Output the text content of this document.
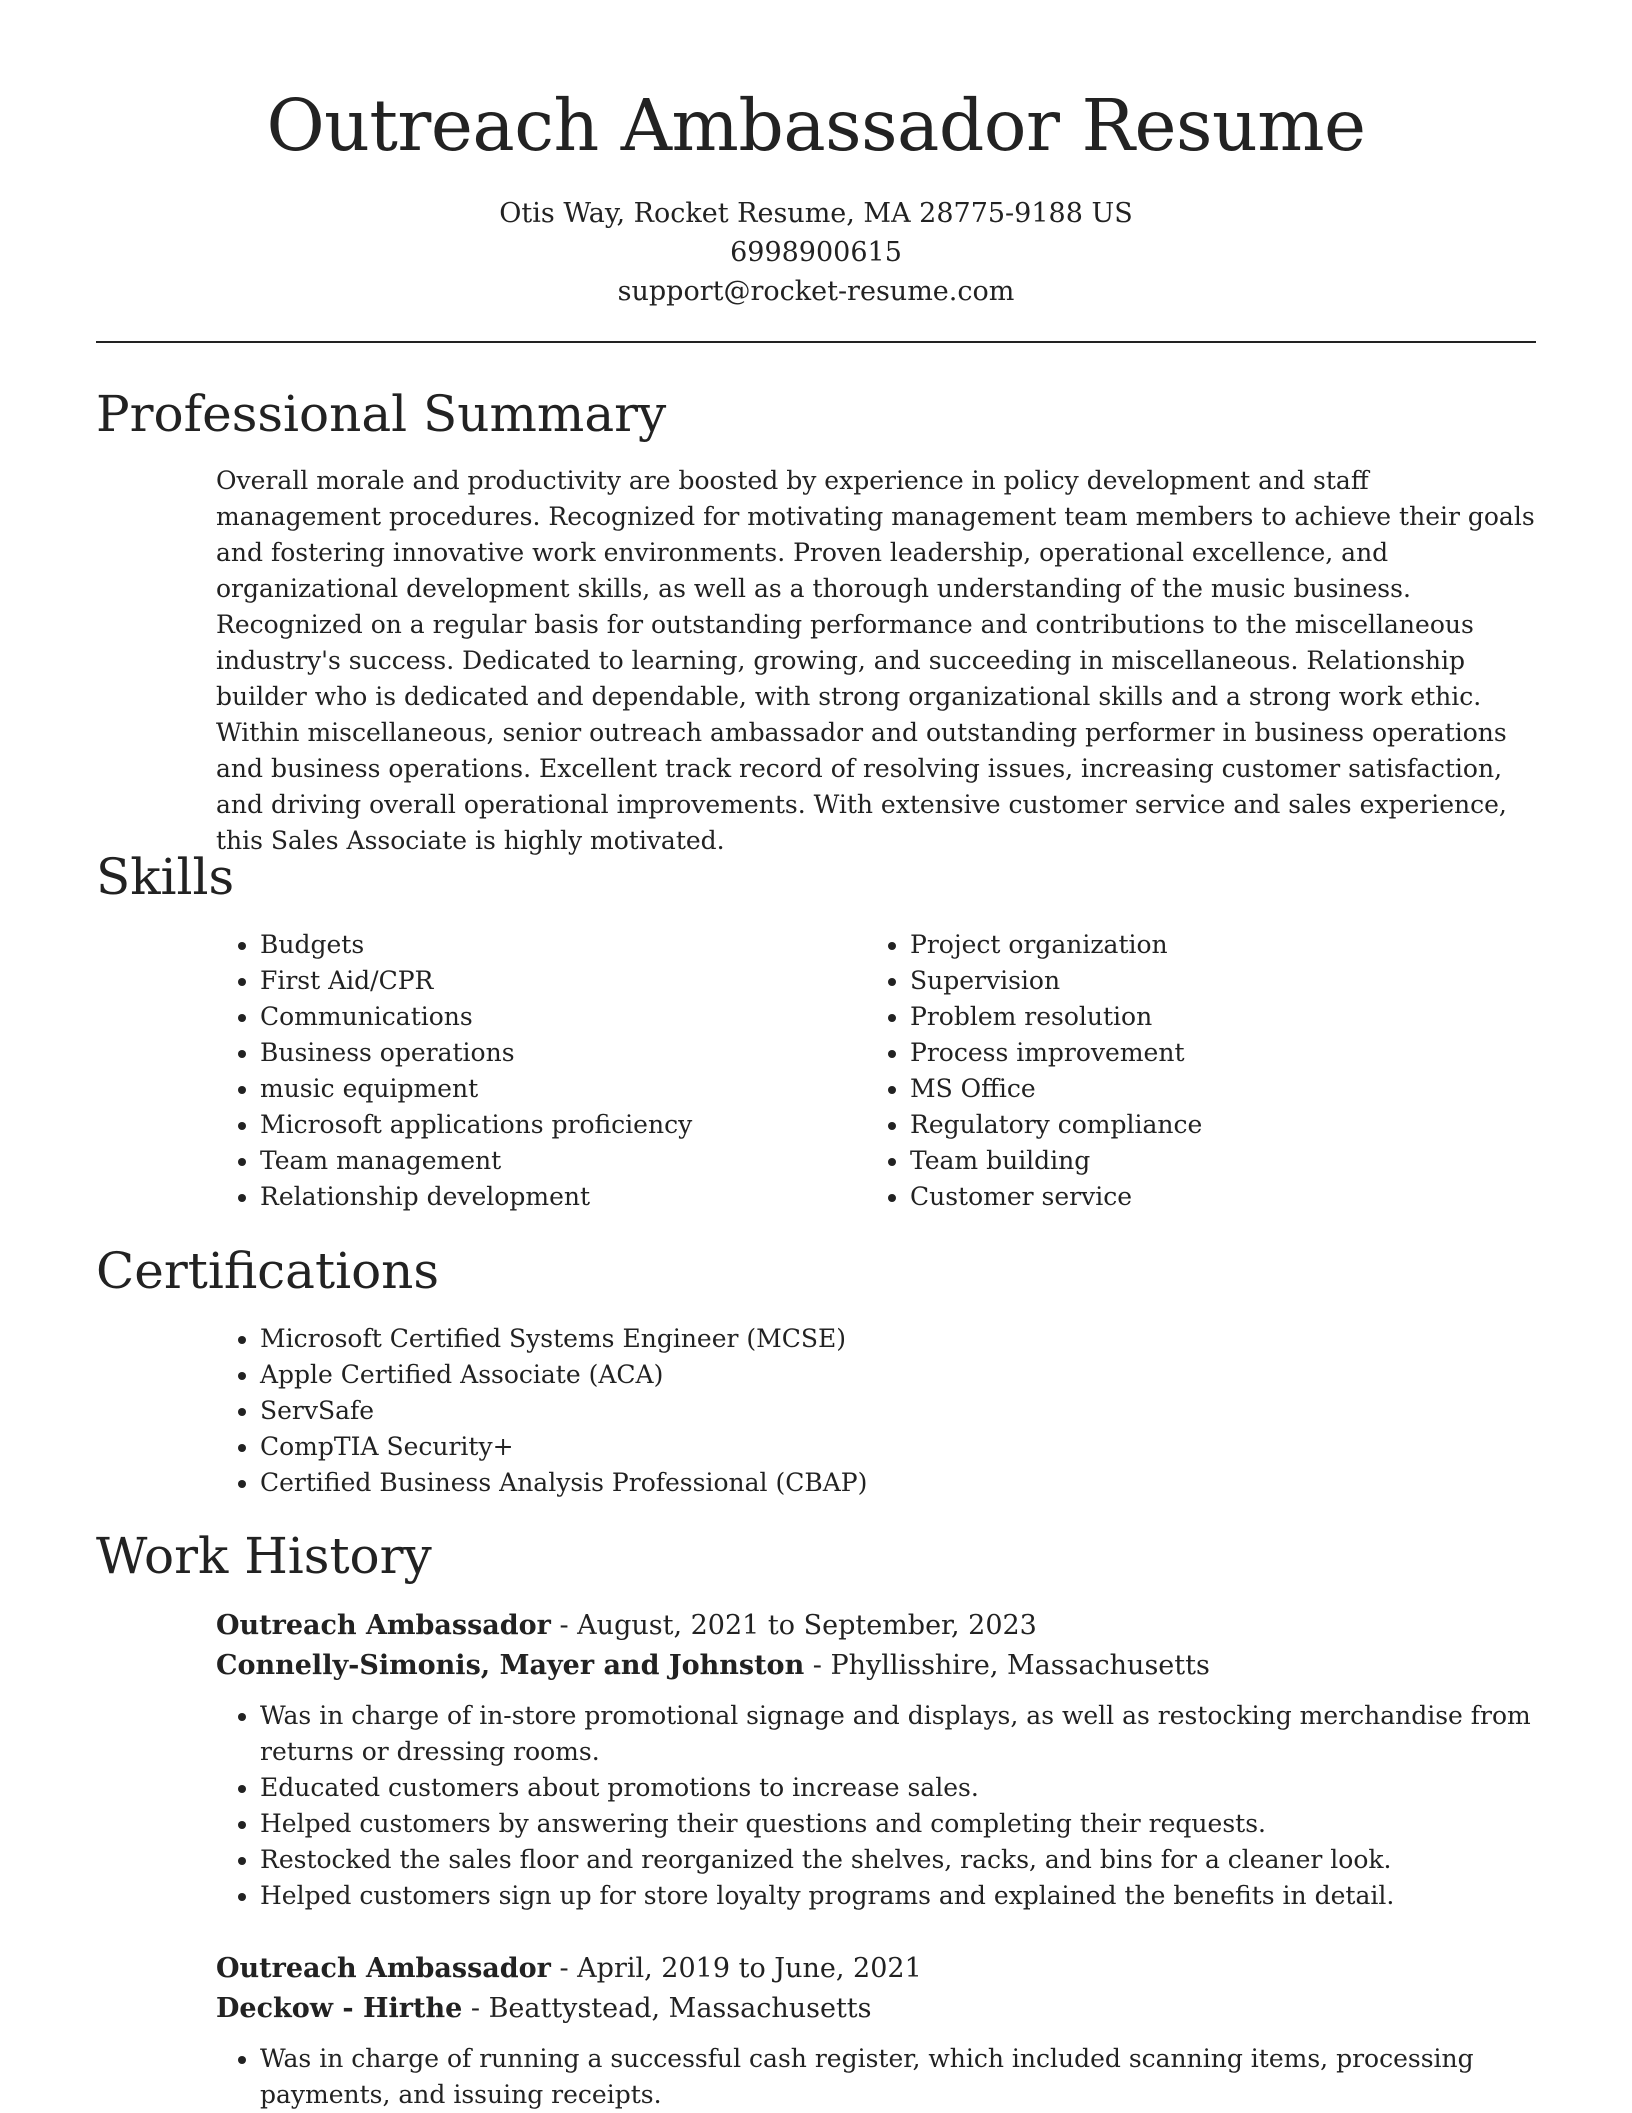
Outreach Ambassador Resume
Otis Way, Rocket Resume, MA 28775-9188 US
6998900615
support@rocket-resume.com
Professional Summary

Overall morale and productivity are boosted by experience in policy development and staff management procedures. Recognized for motivating management team members to achieve their goals and fostering innovative work environments. Proven leadership, operational excellence, and organizational development skills, as well as a thorough understanding of the music business. Recognized on a regular basis for outstanding performance and contributions to the miscellaneous industry's success. Dedicated to learning, growing, and succeeding in miscellaneous. Relationship builder who is dedicated and dependable, with strong organizational skills and a strong work ethic. Within miscellaneous, senior outreach ambassador and outstanding performer in business operations and business operations. Excellent track record of resolving issues, increasing customer satisfaction, and driving overall operational improvements. With extensive customer service and sales experience, this Sales Associate is highly motivated.

Skills
• Budgets
• First Aid/CPR
• Communications
• Business operations
• music equipment
• Microsoft applications proficiency
• Team management
• Relationship development
• Project organization
• Supervision
• Problem resolution
• Process improvement
• MS Office
• Regulatory compliance
• Team building
• Customer service
Certifications
• Microsoft Certified Systems Engineer (MCSE)
• Apple Certified Associate (ACA)
• ServSafe
• CompTIA Security+
• Certified Business Analysis Professional (CBAP)
Work History
Outreach Ambassador - August, 2021 to September, 2023
Connelly-Simonis, Mayer and Johnston - Phyllisshire, Massachusetts
• Was in charge of in-store promotional signage and displays, as well as restocking merchandise from returns or dressing rooms.
• Educated customers about promotions to increase sales.
• Helped customers by answering their questions and completing their requests.
• Restocked the sales floor and reorganized the shelves, racks, and bins for a cleaner look.
• Helped customers sign up for store loyalty programs and explained the benefits in detail.
Outreach Ambassador - April, 2019 to June, 2021
Deckow - Hirthe - Beattystead, Massachusetts
• Was in charge of running a successful cash register, which included scanning items, processing payments, and issuing receipts.
